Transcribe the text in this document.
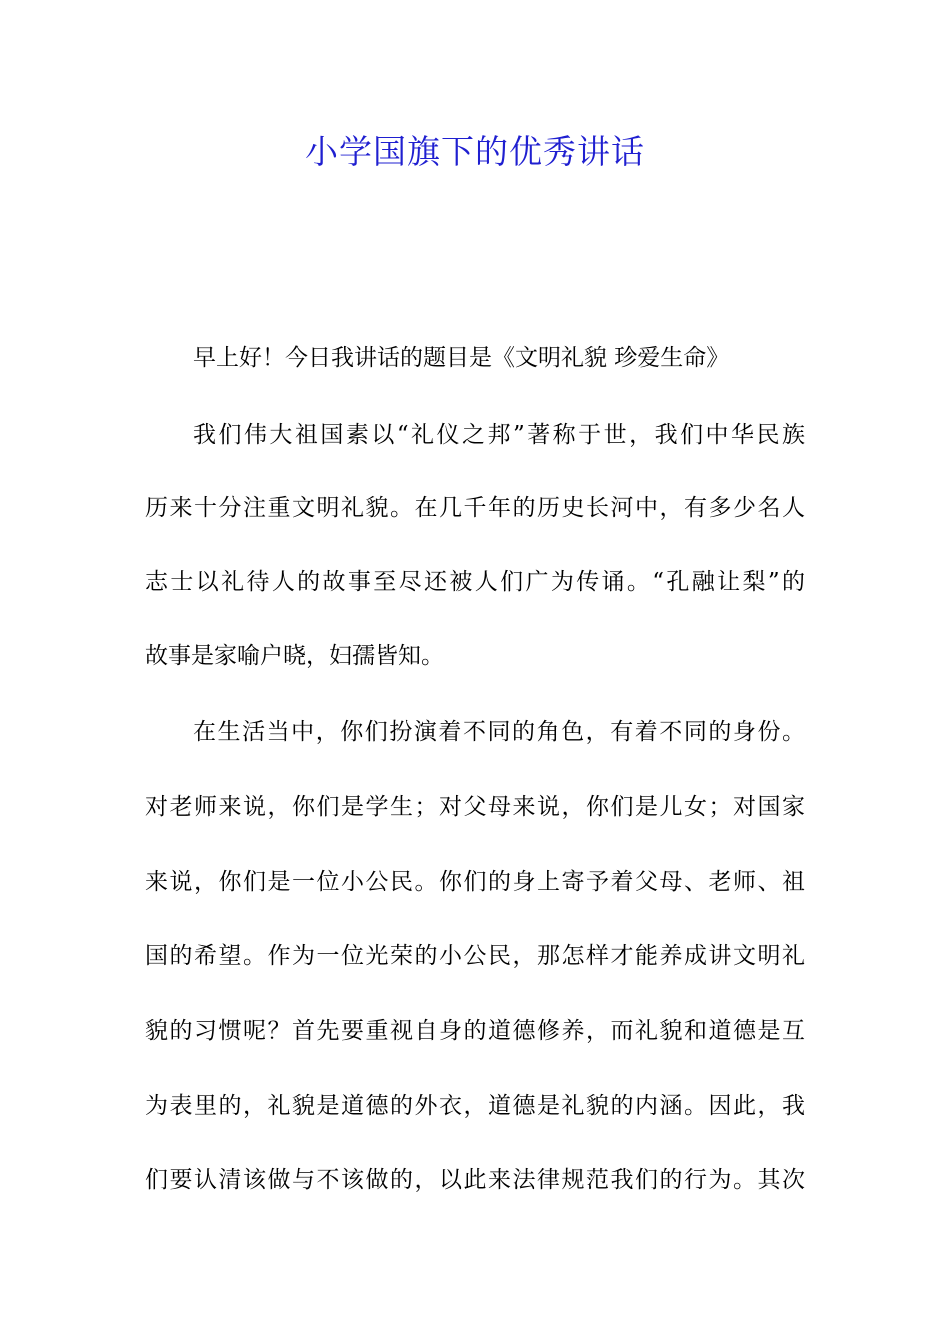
小学国旗下的优秀讲话
早上好！今日我讲话的题目是《文明礼貌 珍爱生命》
我们伟大祖国素以“礼仪之邦”著称于世，我们中华民族
历来十分注重文明礼貌。在几千年的历史长河中，有多少名人
志士以礼待人的故事至尽还被人们广为传诵。“孔融让梨”的
故事是家喻户晓，妇孺皆知。
在生活当中，你们扮演着不同的角色，有着不同的身份。
对老师来说，你们是学生；对父母来说，你们是儿女；对国家
来说，你们是一位小公民。你们的身上寄予着父母、老师、祖
国的希望。作为一位光荣的小公民，那怎样才能养成讲文明礼
貌的习惯呢？首先要重视自身的道德修养，而礼貌和道德是互
为表里的，礼貌是道德的外衣，道德是礼貌的内涵。因此，我
们要认清该做与不该做的，以此来法律规范我们的行为。其次
